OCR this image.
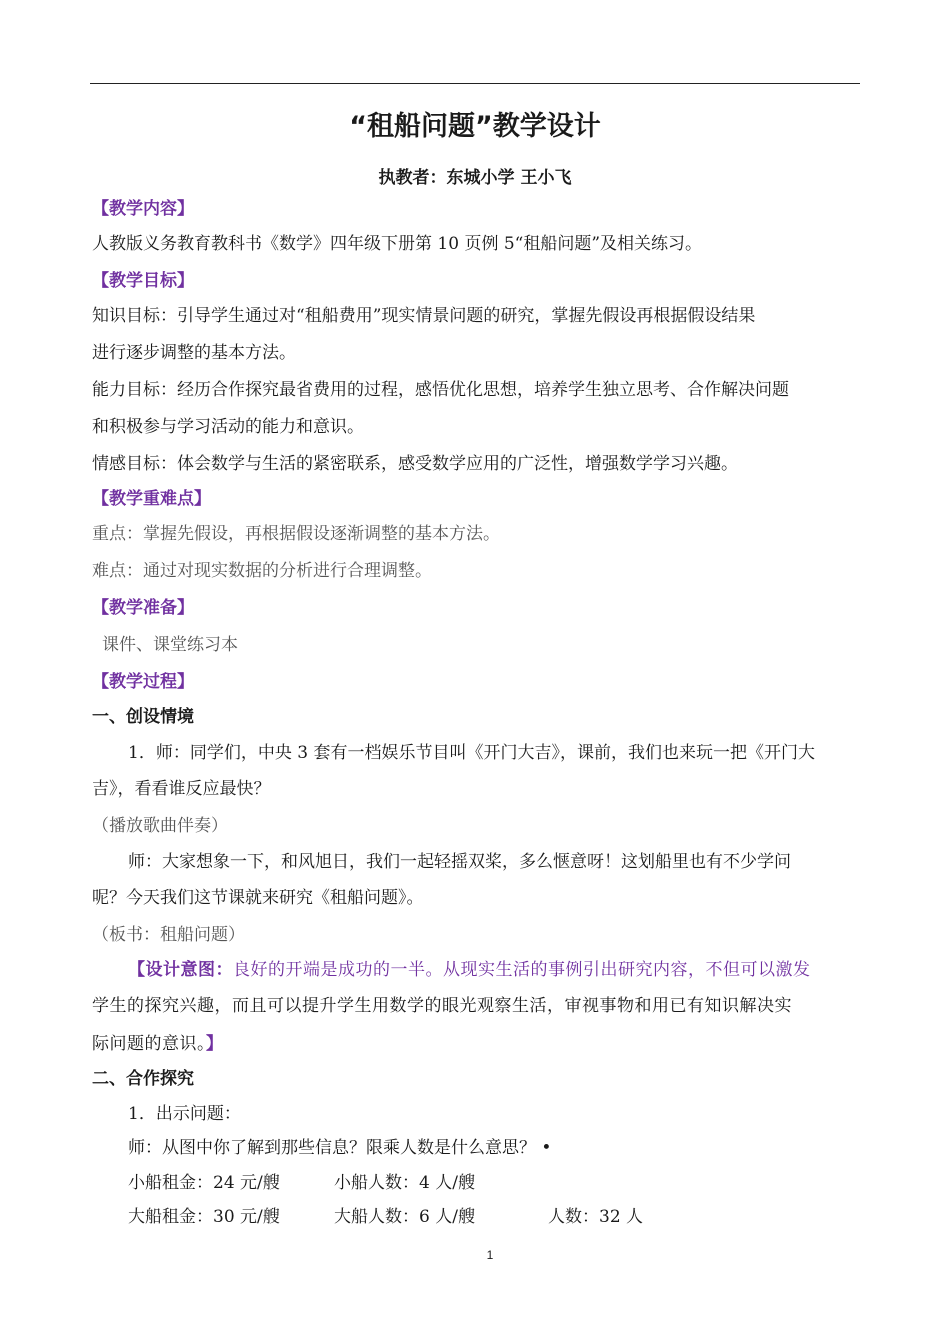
“租船问题”教学设计
执教者：东城小学 王小飞
【教学内容】
人教版义务教育教科书《数学》四年级下册第 10 页例 5“租船问题”及相关练习。
【教学目标】
知识目标：引导学生通过对“租船费用”现实情景问题的研究，掌握先假设再根据假设结果
进行逐步调整的基本方法。
能力目标：经历合作探究最省费用的过程，感悟优化思想，培养学生独立思考、合作解决问题
和积极参与学习活动的能力和意识。
情感目标：体会数学与生活的紧密联系，感受数学应用的广泛性，增强数学学习兴趣。
【教学重难点】
重点：掌握先假设，再根据假设逐渐调整的基本方法。
难点：通过对现实数据的分析进行合理调整。
【教学准备】
课件、课堂练习本
【教学过程】
一、创设情境
1．师：同学们，中央 3 套有一档娱乐节目叫《开门大吉》，课前，我们也来玩一把《开门大
吉》，看看谁反应最快？
（播放歌曲伴奏）
师：大家想象一下，和风旭日，我们一起轻摇双桨，多么惬意呀！这划船里也有不少学问
呢？今天我们这节课就来研究《租船问题》。
（板书：租船问题）
【设计意图：良好的开端是成功的一半。从现实生活的事例引出研究内容，不但可以激发
学生的探究兴趣，而且可以提升学生用数学的眼光观察生活，审视事物和用已有知识解决实
际问题的意识。】
二、合作探究
1．出示问题：
师：从图中你了解到那些信息？限乘人数是什么意思？ •
小船租金：24 元/艘	小船人数：4 人/艘
大船租金：30 元/艘	大船人数：6 人/艘	人数：32 人
1
